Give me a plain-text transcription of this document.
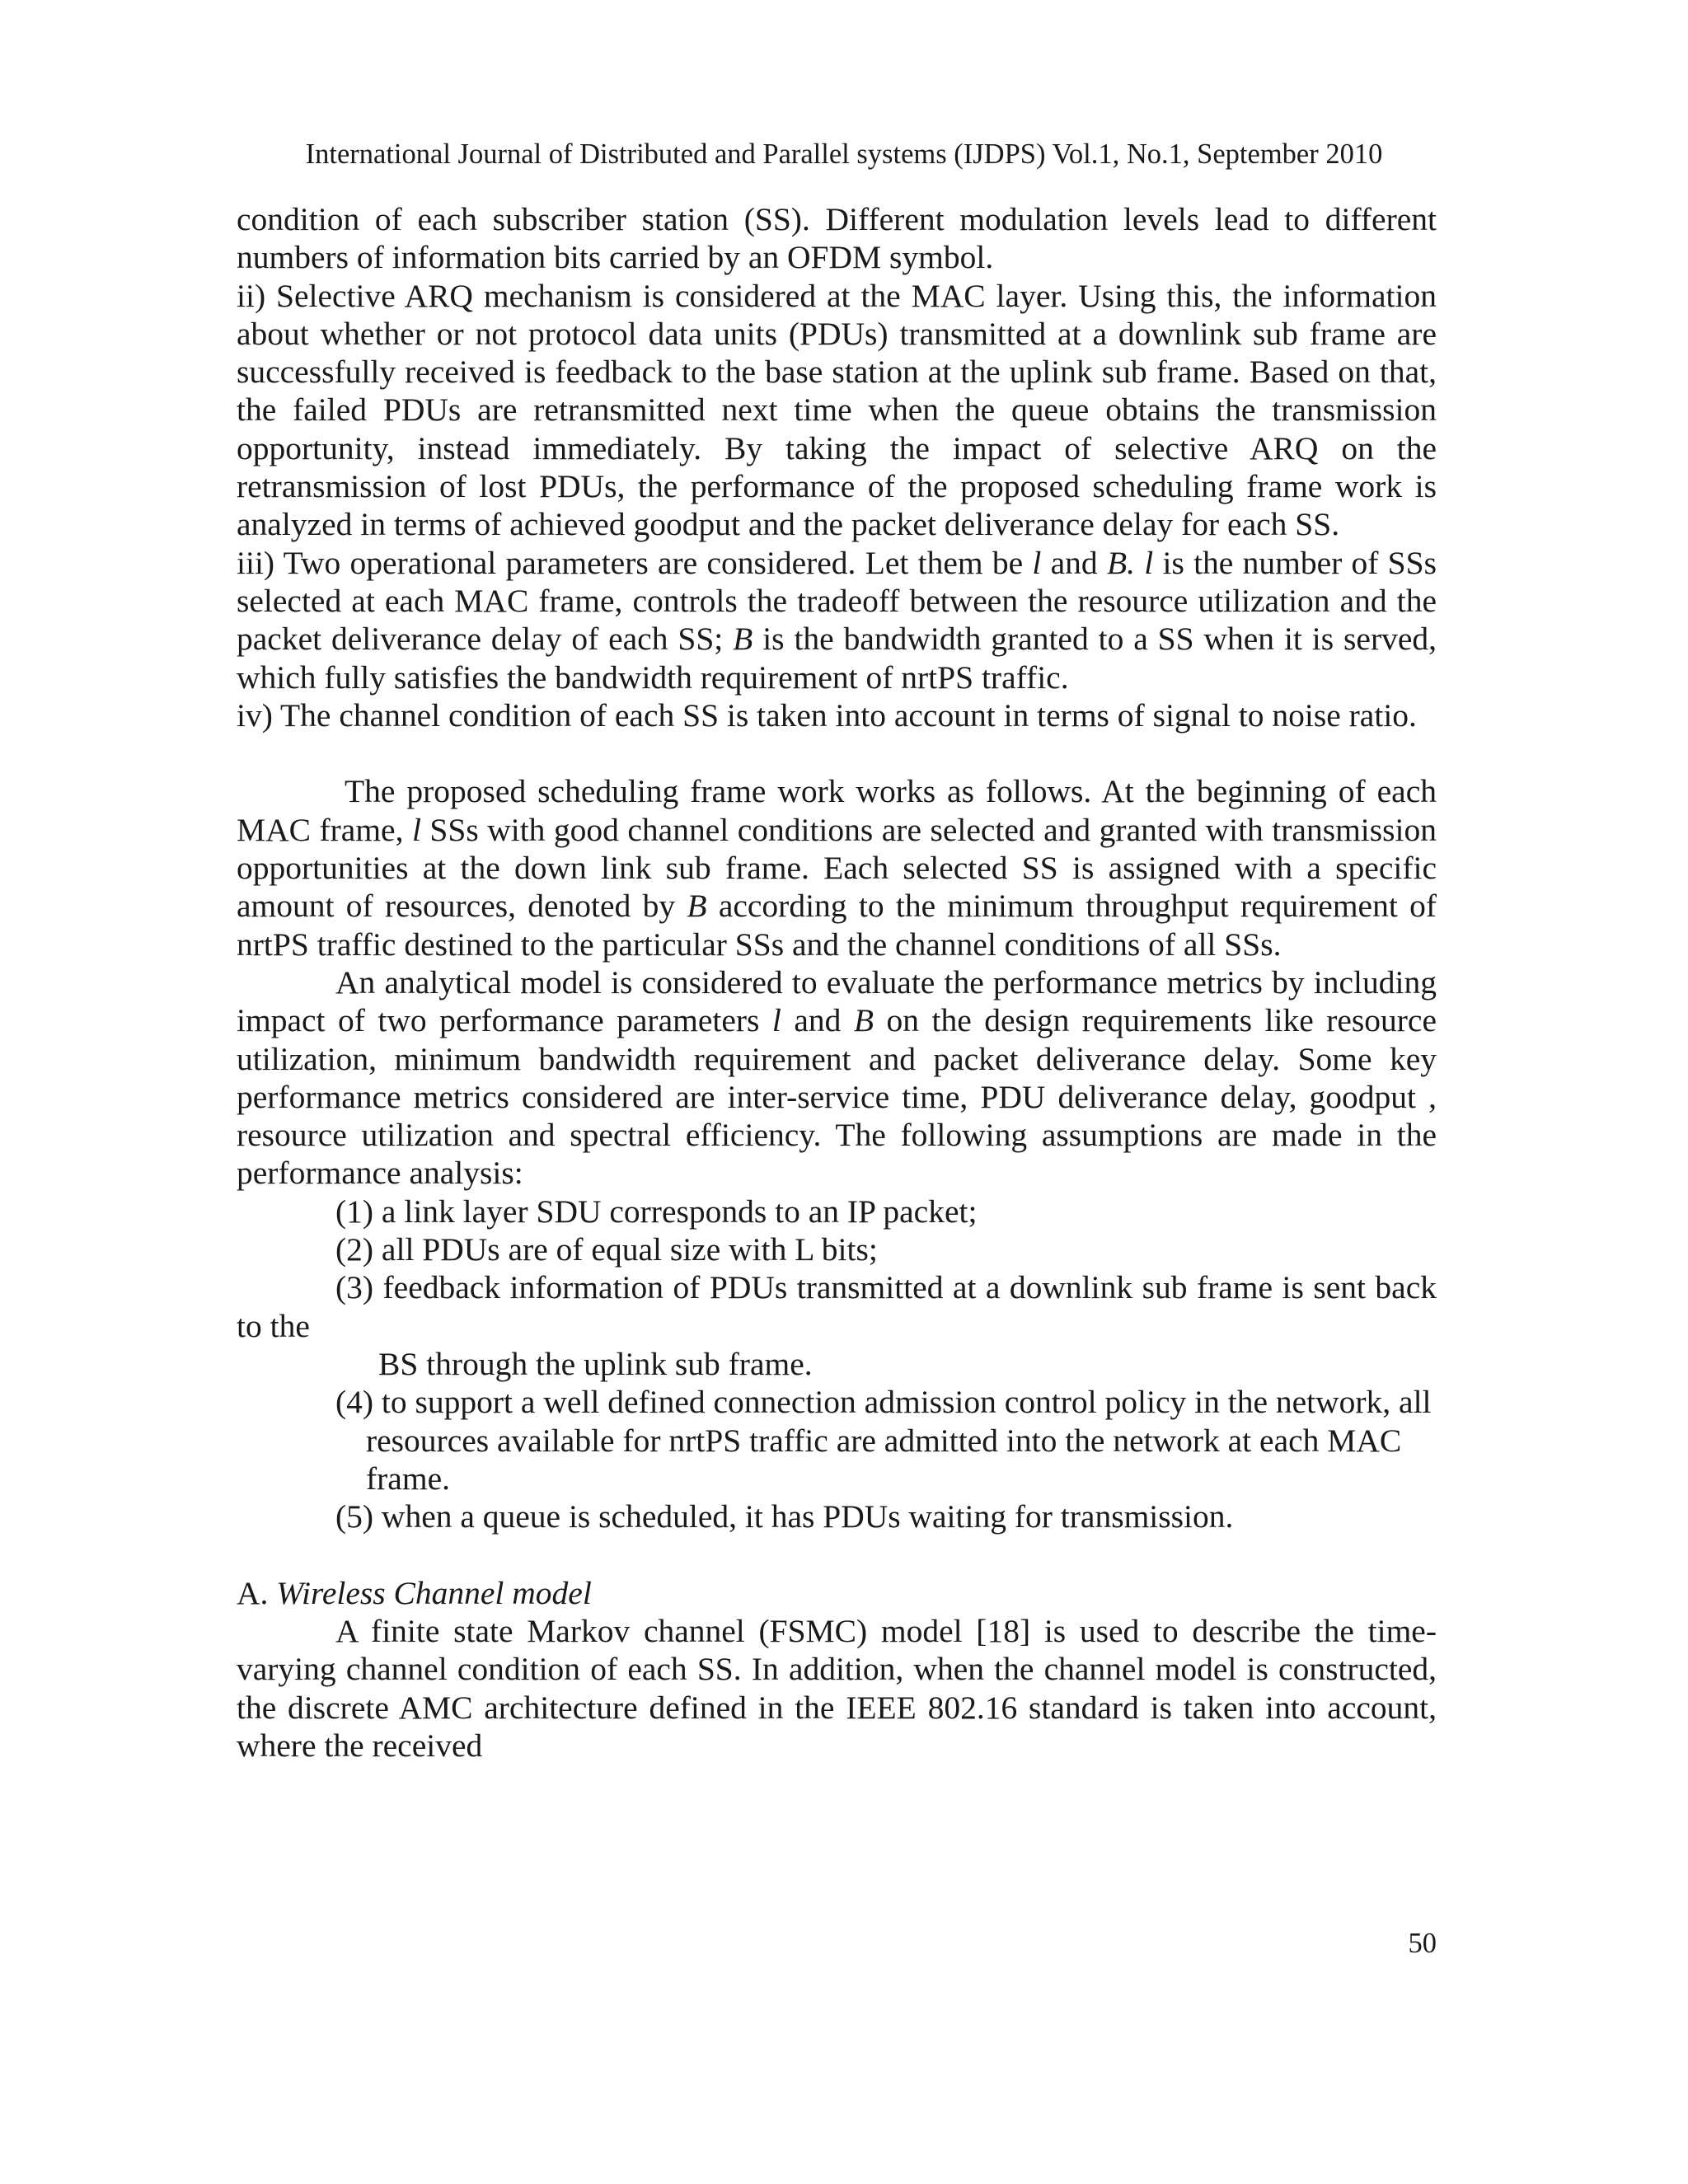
International Journal of Distributed and Parallel systems (IJDPS) Vol.1, No.1, September 2010

condition of each subscriber station (SS). Different modulation levels lead to different numbers of information bits carried by an OFDM symbol.

ii) Selective ARQ mechanism is considered at the MAC layer. Using this, the information about whether or not protocol data units (PDUs) transmitted at a downlink sub frame are successfully received is feedback to the base station at the uplink sub frame. Based on that, the failed PDUs are retransmitted next time when the queue obtains the transmission opportunity, instead immediately. By taking the impact of selective ARQ on the retransmission of lost PDUs, the performance of the proposed scheduling frame work is analyzed in terms of achieved goodput and the packet deliverance delay for each SS.

iii) Two operational parameters are considered. Let them be l and B. l is the number of SSs selected at each MAC frame, controls the tradeoff between the resource utilization and the packet deliverance delay of each SS; B is the bandwidth granted to a SS when it is served, which fully satisfies the bandwidth requirement of nrtPS traffic.

iv) The channel condition of each SS is taken into account in terms of signal to noise ratio.

The proposed scheduling frame work works as follows. At the beginning of each MAC frame, l SSs with good channel conditions are selected and granted with transmission opportunities at the down link sub frame. Each selected SS is assigned with a specific amount of resources, denoted by B according to the minimum throughput requirement of nrtPS traffic destined to the particular SSs and the channel conditions of all SSs.

An analytical model is considered to evaluate the performance metrics by including impact of two performance parameters l and B on the design requirements like resource utilization, minimum bandwidth requirement and packet deliverance delay. Some key performance metrics considered are inter-service time, PDU deliverance delay, goodput , resource utilization and spectral efficiency. The following assumptions are made in the performance analysis:

(1) a link layer SDU corresponds to an IP packet;

(2) all PDUs are of equal size with L bits;

(3) feedback information of PDUs transmitted at a downlink sub frame is sent back to the

BS through the uplink sub frame.

(4) to support a well defined connection admission control policy in the network, all

resources available for nrtPS traffic are admitted into the network at each MAC frame.

(5) when a queue is scheduled, it has PDUs waiting for transmission.

A. Wireless Channel model

A finite state Markov channel (FSMC) model [18] is used to describe the time-varying channel condition of each SS. In addition, when the channel model is constructed, the discrete AMC architecture defined in the IEEE 802.16 standard is taken into account, where the received

50
